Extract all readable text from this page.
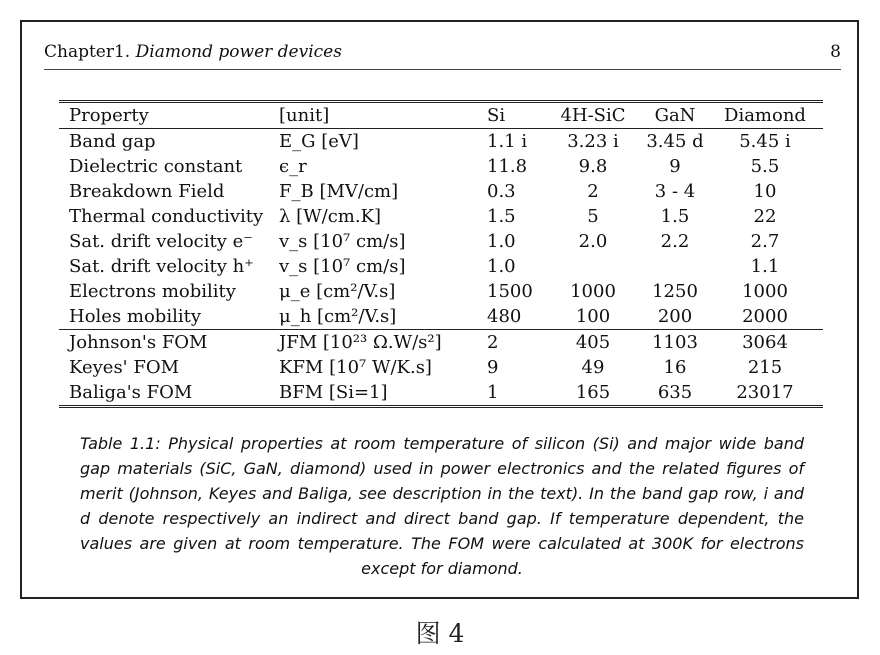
Chapter1. Diamond power devices	8
Property	[unit]	Si	4H-SiC	GaN	Diamond
Band gap	E_G [eV]	1.1 i	3.23 i	3.45 d	5.45 i
Dielectric constant	ϵ_r	11.8	9.8	9	5.5
Breakdown Field	F_B [MV/cm]	0.3	2	3 - 4	10
Thermal conductivity	λ [W/cm.K]	1.5	5	1.5	22
Sat. drift velocity e⁻	v_s [10⁷ cm/s]	1.0	2.0	2.2	2.7
Sat. drift velocity h⁺	v_s [10⁷ cm/s]	1.0			1.1
Electrons mobility	μ_e [cm²/V.s]	1500	1000	1250	1000
Holes mobility	μ_h [cm²/V.s]	480	100	200	2000
Johnson's FOM	JFM [10²³ Ω.W/s²]	2	405	1103	3064
Keyes' FOM	KFM [10⁷ W/K.s]	9	49	16	215
Baliga's FOM	BFM [Si=1]	1	165	635	23017
Table 1.1: Physical properties at room temperature of silicon (Si) and major wide band gap materials (SiC, GaN, diamond) used in power electronics and the related figures of merit (Johnson, Keyes and Baliga, see description in the text). In the band gap row, i and d denote respectively an indirect and direct band gap. If temperature dependent, the values are given at room temperature. The FOM were calculated at 300K for electrons except for diamond.
图 4
